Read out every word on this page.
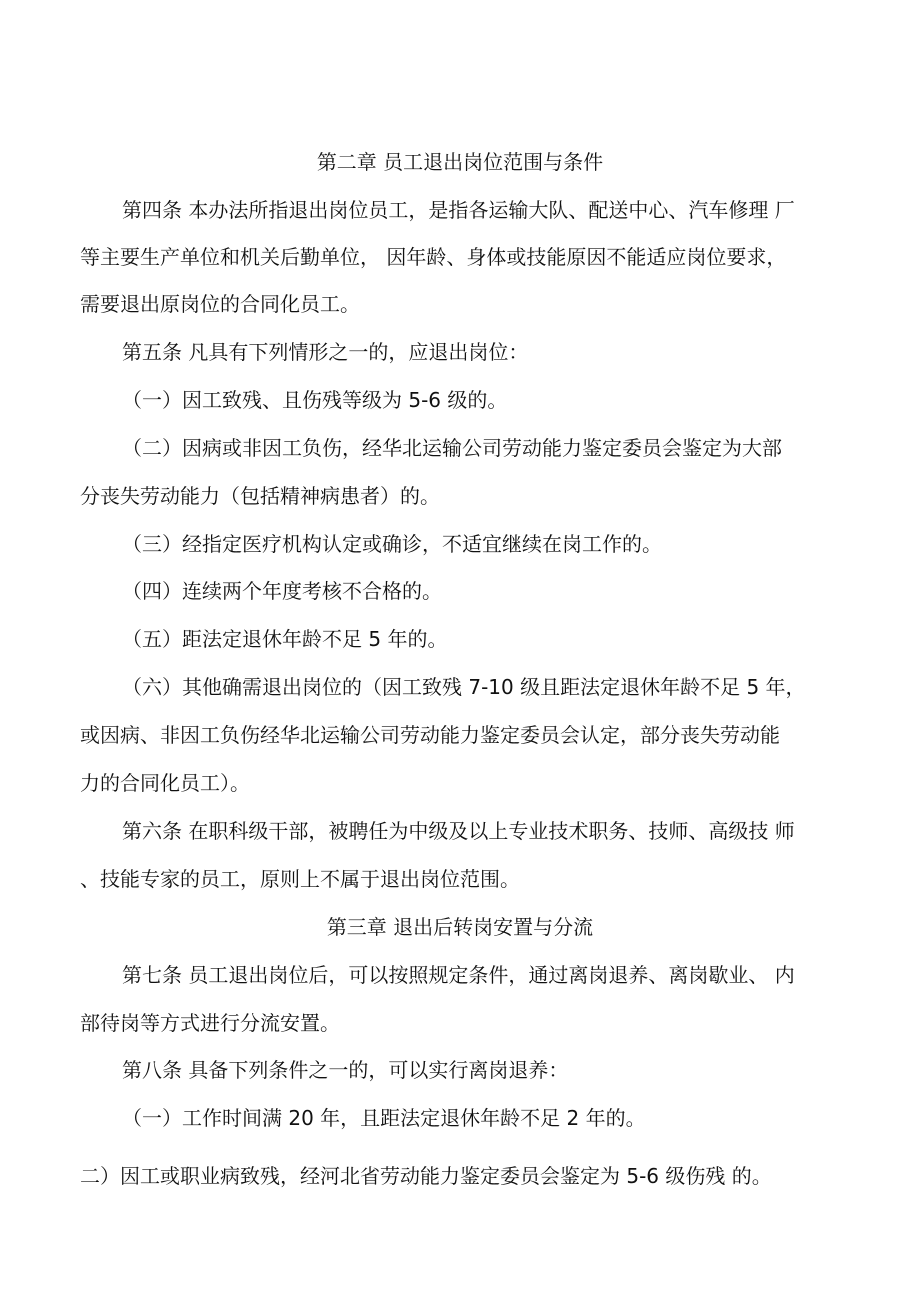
第二章 员工退出岗位范围与条件
第四条 本办法所指退出岗位员工，是指各运输大队、配送中心、汽车修理 厂
等主要生产单位和机关后勤单位， 因年龄、身体或技能原因不能适应岗位要求，
需要退出原岗位的合同化员工。
第五条 凡具有下列情形之一的，应退出岗位：
（一）因工致残、且伤残等级为 5-6 级的。
（二）因病或非因工负伤，经华北运输公司劳动能力鉴定委员会鉴定为大部
分丧失劳动能力（包括精神病患者）的。
（三）经指定医疗机构认定或确诊，不适宜继续在岗工作的。
（四）连续两个年度考核不合格的。
（五）距法定退休年龄不足 5 年的。
（六）其他确需退出岗位的（因工致残 7-10 级且距法定退休年龄不足 5 年，
或因病、非因工负伤经华北运输公司劳动能力鉴定委员会认定，部分丧失劳动能
力的合同化员工）。
第六条 在职科级干部，被聘任为中级及以上专业技术职务、技师、高级技 师
、技能专家的员工，原则上不属于退出岗位范围。
第三章 退出后转岗安置与分流
第七条 员工退出岗位后，可以按照规定条件，通过离岗退养、离岗歇业、 内
部待岗等方式进行分流安置。
第八条 具备下列条件之一的，可以实行离岗退养：
（一）工作时间满 20 年，且距法定退休年龄不足 2 年的。
二）因工或职业病致残，经河北省劳动能力鉴定委员会鉴定为 5-6 级伤残 的。
